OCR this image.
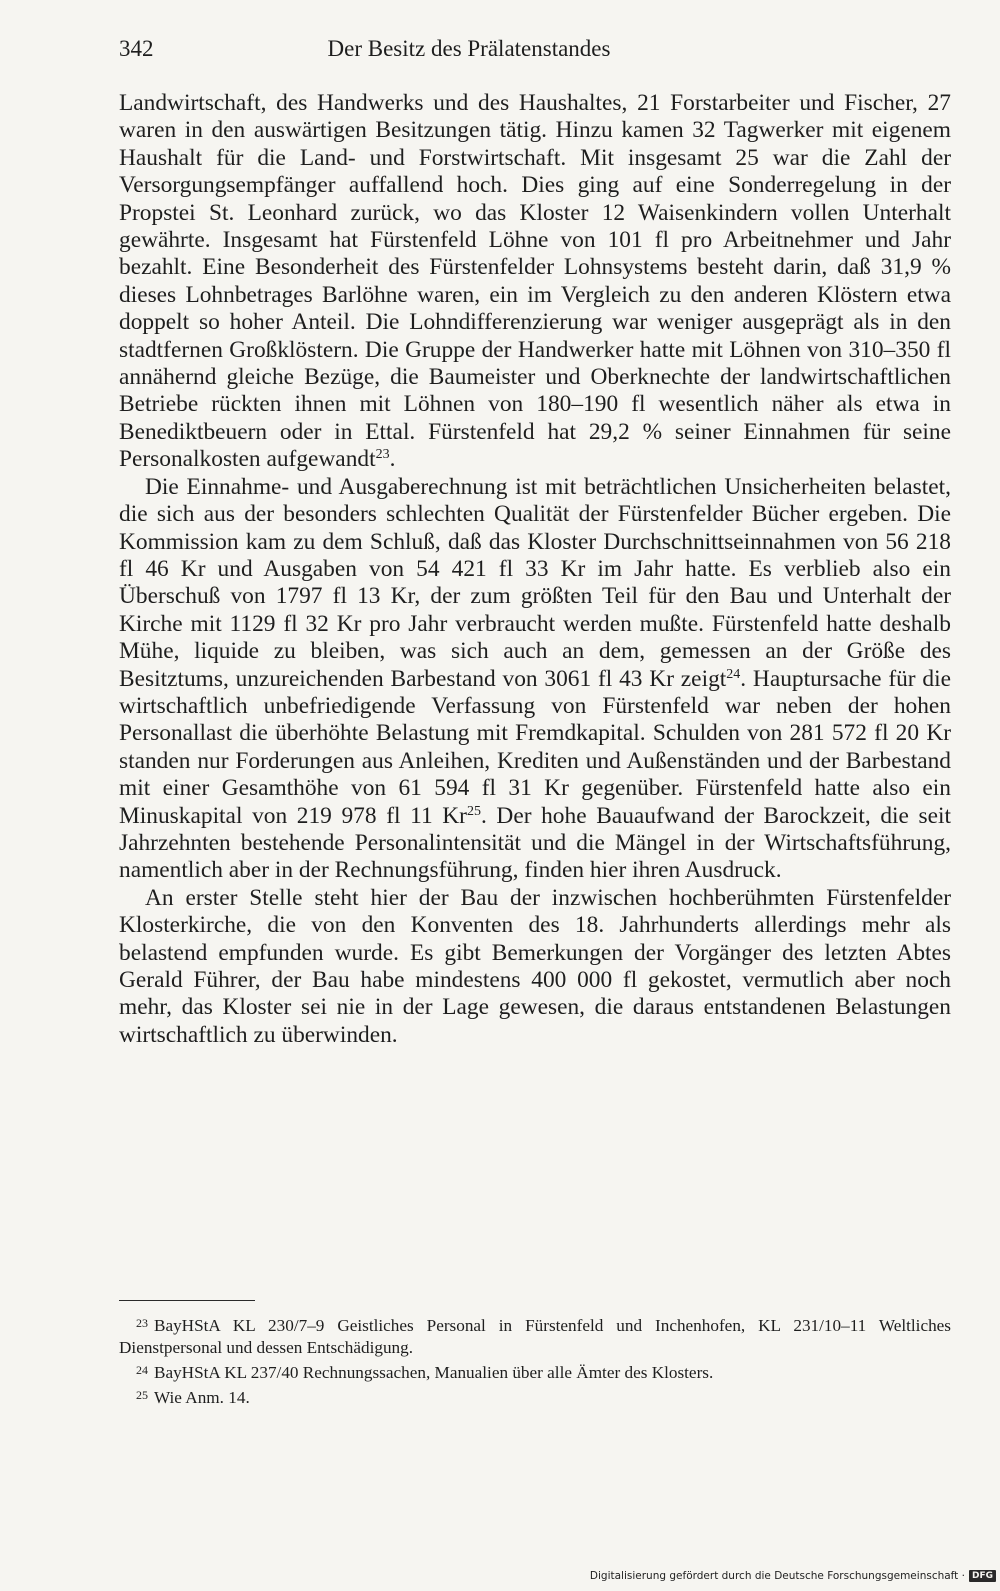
342	Der Besitz des Prälatenstandes

Landwirtschaft, des Handwerks und des Haushaltes, 21 Forstarbeiter und Fischer, 27 waren in den auswärtigen Besitzungen tätig. Hinzu kamen 32 Tagwerker mit eigenem Haushalt für die Land- und Forstwirtschaft. Mit insgesamt 25 war die Zahl der Versorgungsempfänger auffallend hoch. Dies ging auf eine Sonderregelung in der Propstei St. Leonhard zurück, wo das Kloster 12 Waisenkindern vollen Unterhalt gewährte. Insgesamt hat Fürstenfeld Löhne von 101 fl pro Arbeitnehmer und Jahr bezahlt. Eine Besonderheit des Fürstenfelder Lohnsystems besteht darin, daß 31,9 % dieses Lohnbetrages Barlöhne waren, ein im Vergleich zu den anderen Klöstern etwa doppelt so hoher Anteil. Die Lohndifferenzierung war weniger ausgeprägt als in den stadtfernen Großklöstern. Die Gruppe der Handwerker hatte mit Löhnen von 310–350 fl annähernd gleiche Bezüge, die Baumeister und Oberknechte der landwirtschaftlichen Betriebe rückten ihnen mit Löhnen von 180–190 fl wesentlich näher als etwa in Benediktbeuern oder in Ettal. Fürstenfeld hat 29,2 % seiner Einnahmen für seine Personalkosten aufgewandt$^{23}$.

Die Einnahme- und Ausgaberechnung ist mit beträchtlichen Unsicherheiten belastet, die sich aus der besonders schlechten Qualität der Fürstenfelder Bücher ergeben. Die Kommission kam zu dem Schluß, daß das Kloster Durchschnittseinnahmen von 56 218 fl 46 Kr und Ausgaben von 54 421 fl 33 Kr im Jahr hatte. Es verblieb also ein Überschuß von 1797 fl 13 Kr, der zum größten Teil für den Bau und Unterhalt der Kirche mit 1129 fl 32 Kr pro Jahr verbraucht werden mußte. Fürstenfeld hatte deshalb Mühe, liquide zu bleiben, was sich auch an dem, gemessen an der Größe des Besitztums, unzureichenden Barbestand von 3061 fl 43 Kr zeigt$^{24}$. Hauptursache für die wirtschaftlich unbefriedigende Verfassung von Fürstenfeld war neben der hohen Personallast die überhöhte Belastung mit Fremdkapital. Schulden von 281 572 fl 20 Kr standen nur Forderungen aus Anleihen, Krediten und Außenständen und der Barbestand mit einer Gesamthöhe von 61 594 fl 31 Kr gegenüber. Fürstenfeld hatte also ein Minuskapital von 219 978 fl 11 Kr$^{25}$. Der hohe Bauaufwand der Barockzeit, die seit Jahrzehnten bestehende Personalintensität und die Mängel in der Wirtschaftsführung, namentlich aber in der Rechnungsführung, finden hier ihren Ausdruck.

An erster Stelle steht hier der Bau der inzwischen hochberühmten Fürstenfelder Klosterkirche, die von den Konventen des 18. Jahrhunderts allerdings mehr als belastend empfunden wurde. Es gibt Bemerkungen der Vorgänger des letzten Abtes Gerald Führer, der Bau habe mindestens 400 000 fl gekostet, vermutlich aber noch mehr, das Kloster sei nie in der Lage gewesen, die daraus entstandenen Belastungen wirtschaftlich zu überwinden.

$^{23}$ BayHStA KL 230/7–9 Geistliches Personal in Fürstenfeld und Inchenhofen, KL 231/10–11 Weltliches Dienstpersonal und dessen Entschädigung.

$^{24}$ BayHStA KL 237/40 Rechnungssachen, Manualien über alle Ämter des Klosters.

$^{25}$ Wie Anm. 14.

Digitalisierung gefördert durch die Deutsche Forschungsgemeinschaft · DFG
